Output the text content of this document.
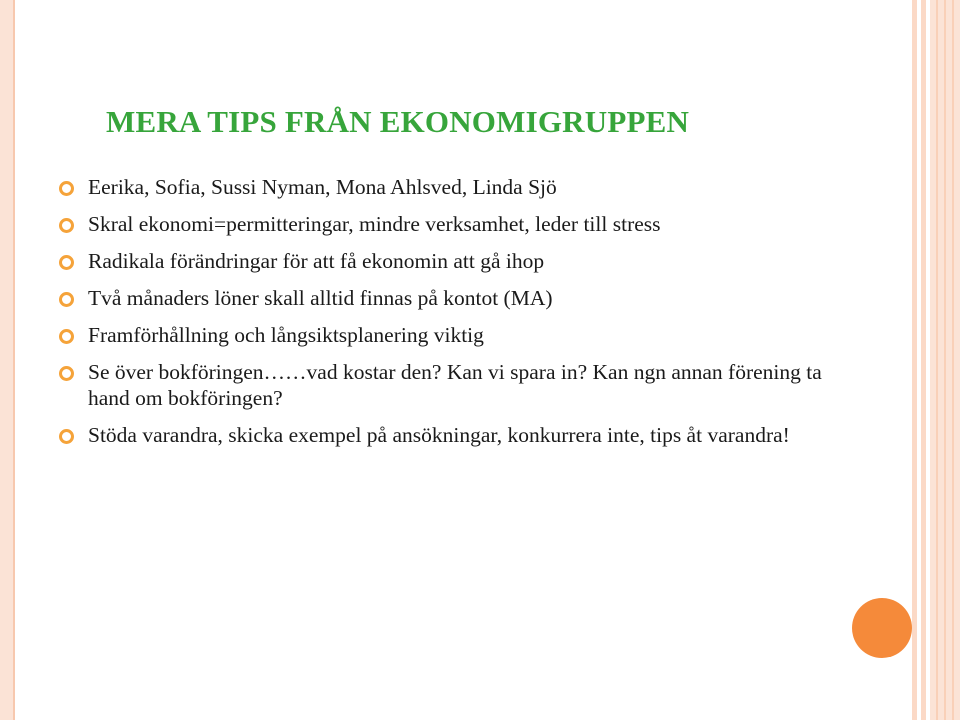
MERA TIPS FRÅN EKONOMIGRUPPEN
Eerika, Sofia, Sussi Nyman, Mona Ahlsved, Linda Sjö
Skral ekonomi=permitteringar, mindre verksamhet, leder till stress
Radikala förändringar för att få ekonomin att gå ihop
Två månaders löner skall alltid finnas på kontot (MA)
Framförhållning och långsiktsplanering viktig
Se över bokföringen……vad kostar den? Kan vi spara in? Kan ngn annan förening ta hand om bokföringen?
Stöda varandra, skicka exempel på ansökningar, konkurrera inte, tips åt varandra!
